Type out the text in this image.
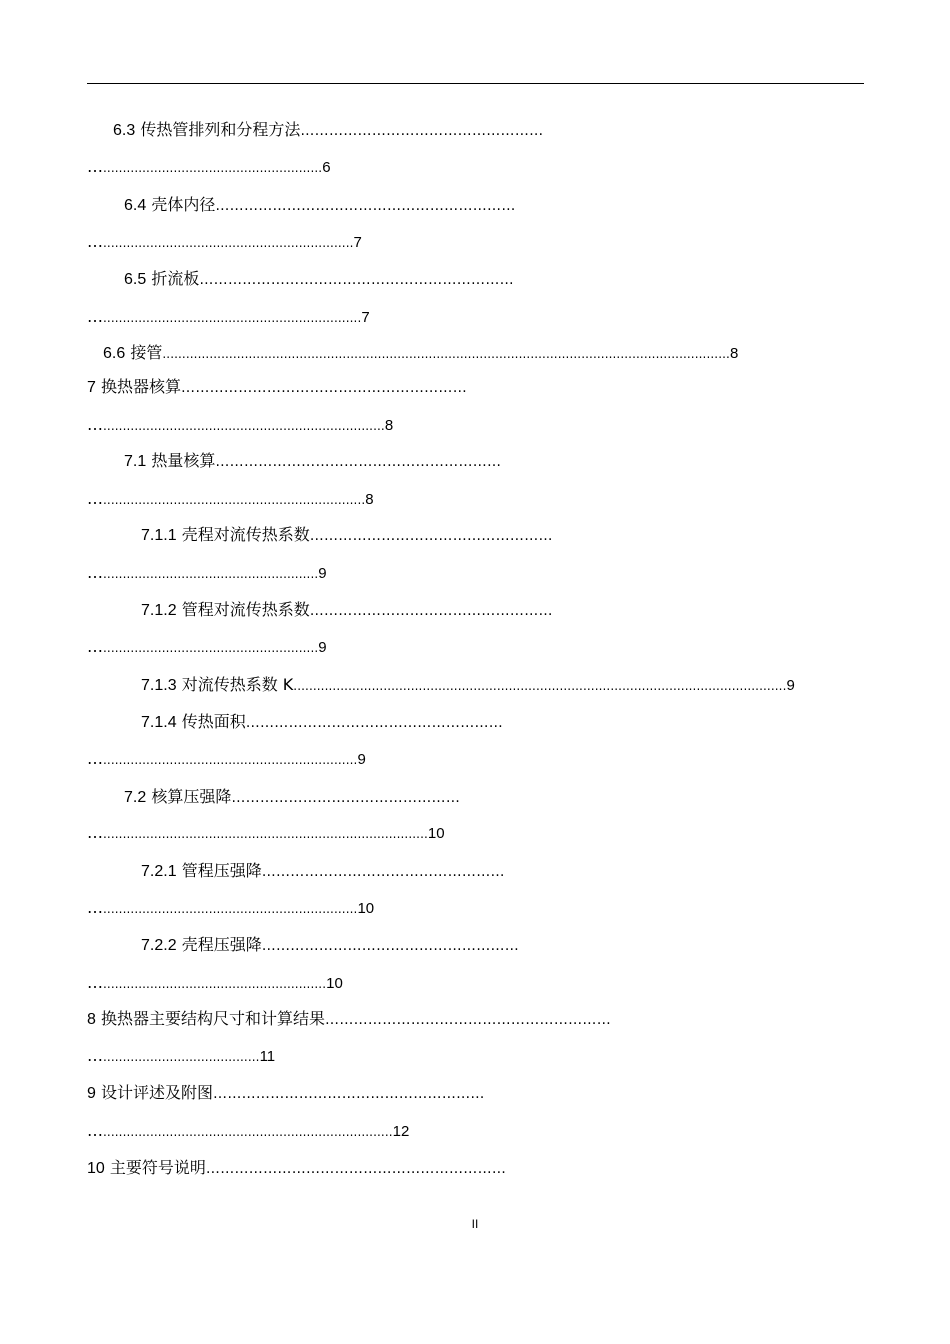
6.3 传热管排列和分程方法……………………………………………
…........................................................6
6.4 壳体内径………………………………………………………
…................................................................7
6.5 折流板…………………………………………………………
…..................................................................7
6.6 接管.................................................................................................................................................8
7 换热器核算……………………………………………………
…........................................................................8
7.1 热量核算……………………………………………………
…...................................................................8
7.1.1 壳程对流传热系数……………………………………………
….......................................................9
7.1.2 管程对流传热系数……………………………………………
….......................................................9
7.1.3 对流传热系数 K..............................................................................................................................9
7.1.4 传热面积………………………………………………
….................................................................9
7.2 核算压强降…………………………………………
…...................................................................................10
7.2.1 管程压强降……………………………………………
….................................................................10
7.2.2 壳程压强降………………………………………………
….........................................................10
8 换热器主要结构尺寸和计算结果……………………………………………………
…........................................11
9 设计评述及附图…………………………………………………
…..........................................................................12
10 主要符号说明………………………………………………………
II
